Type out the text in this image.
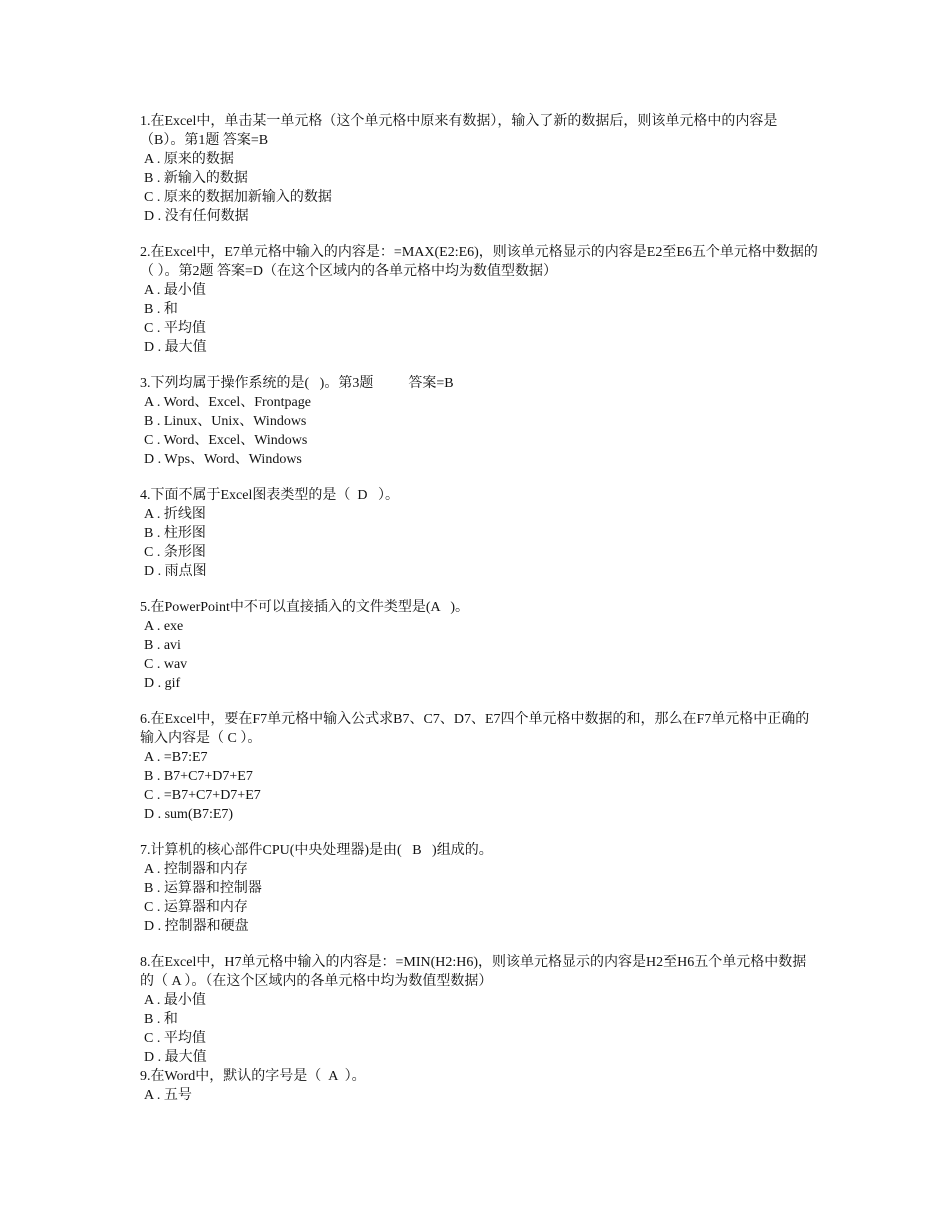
1.在Excel中，单击某一单元格（这个单元格中原来有数据），输入了新的数据后，则该单元格中的内容是（B）。第1题 答案=B

A . 原来的数据

B . 新输入的数据

C . 原来的数据加新输入的数据

D . 没有任何数据

2.在Excel中，E7单元格中输入的内容是：=MAX(E2:E6)，则该单元格显示的内容是E2至E6五个单元格中数据的（ ）。第2题 答案=D（在这个区域内的各单元格中均为数值型数据）

A . 最小值

B . 和

C . 平均值

D . 最大值

3.下列均属于操作系统的是(   )。第3题          答案=B

A . Word、Excel、Frontpage

B . Linux、Unix、Windows

C . Word、Excel、Windows

D . Wps、Word、Windows

4.下面不属于Excel图表类型的是（  D   ）。

A . 折线图

B . 柱形图

C . 条形图

D . 雨点图

5.在PowerPoint中不可以直接插入的文件类型是(A   )。

A . exe

B . avi

C . wav

D . gif

6.在Excel中，要在F7单元格中输入公式求B7、C7、D7、E7四个单元格中数据的和，那么在F7单元格中正确的输入内容是（ C ）。

A . =B7:E7

B . B7+C7+D7+E7

C . =B7+C7+D7+E7

D . sum(B7:E7)

7.计算机的核心部件CPU(中央处理器)是由(   B   )组成的。

A . 控制器和内存

B . 运算器和控制器

C . 运算器和内存

D . 控制器和硬盘

8.在Excel中，H7单元格中输入的内容是：=MIN(H2:H6)，则该单元格显示的内容是H2至H6五个单元格中数据的（ A ）。（在这个区域内的各单元格中均为数值型数据）

A . 最小值

B . 和

C . 平均值

D . 最大值

9.在Word中，默认的字号是（  A  ）。

A . 五号
